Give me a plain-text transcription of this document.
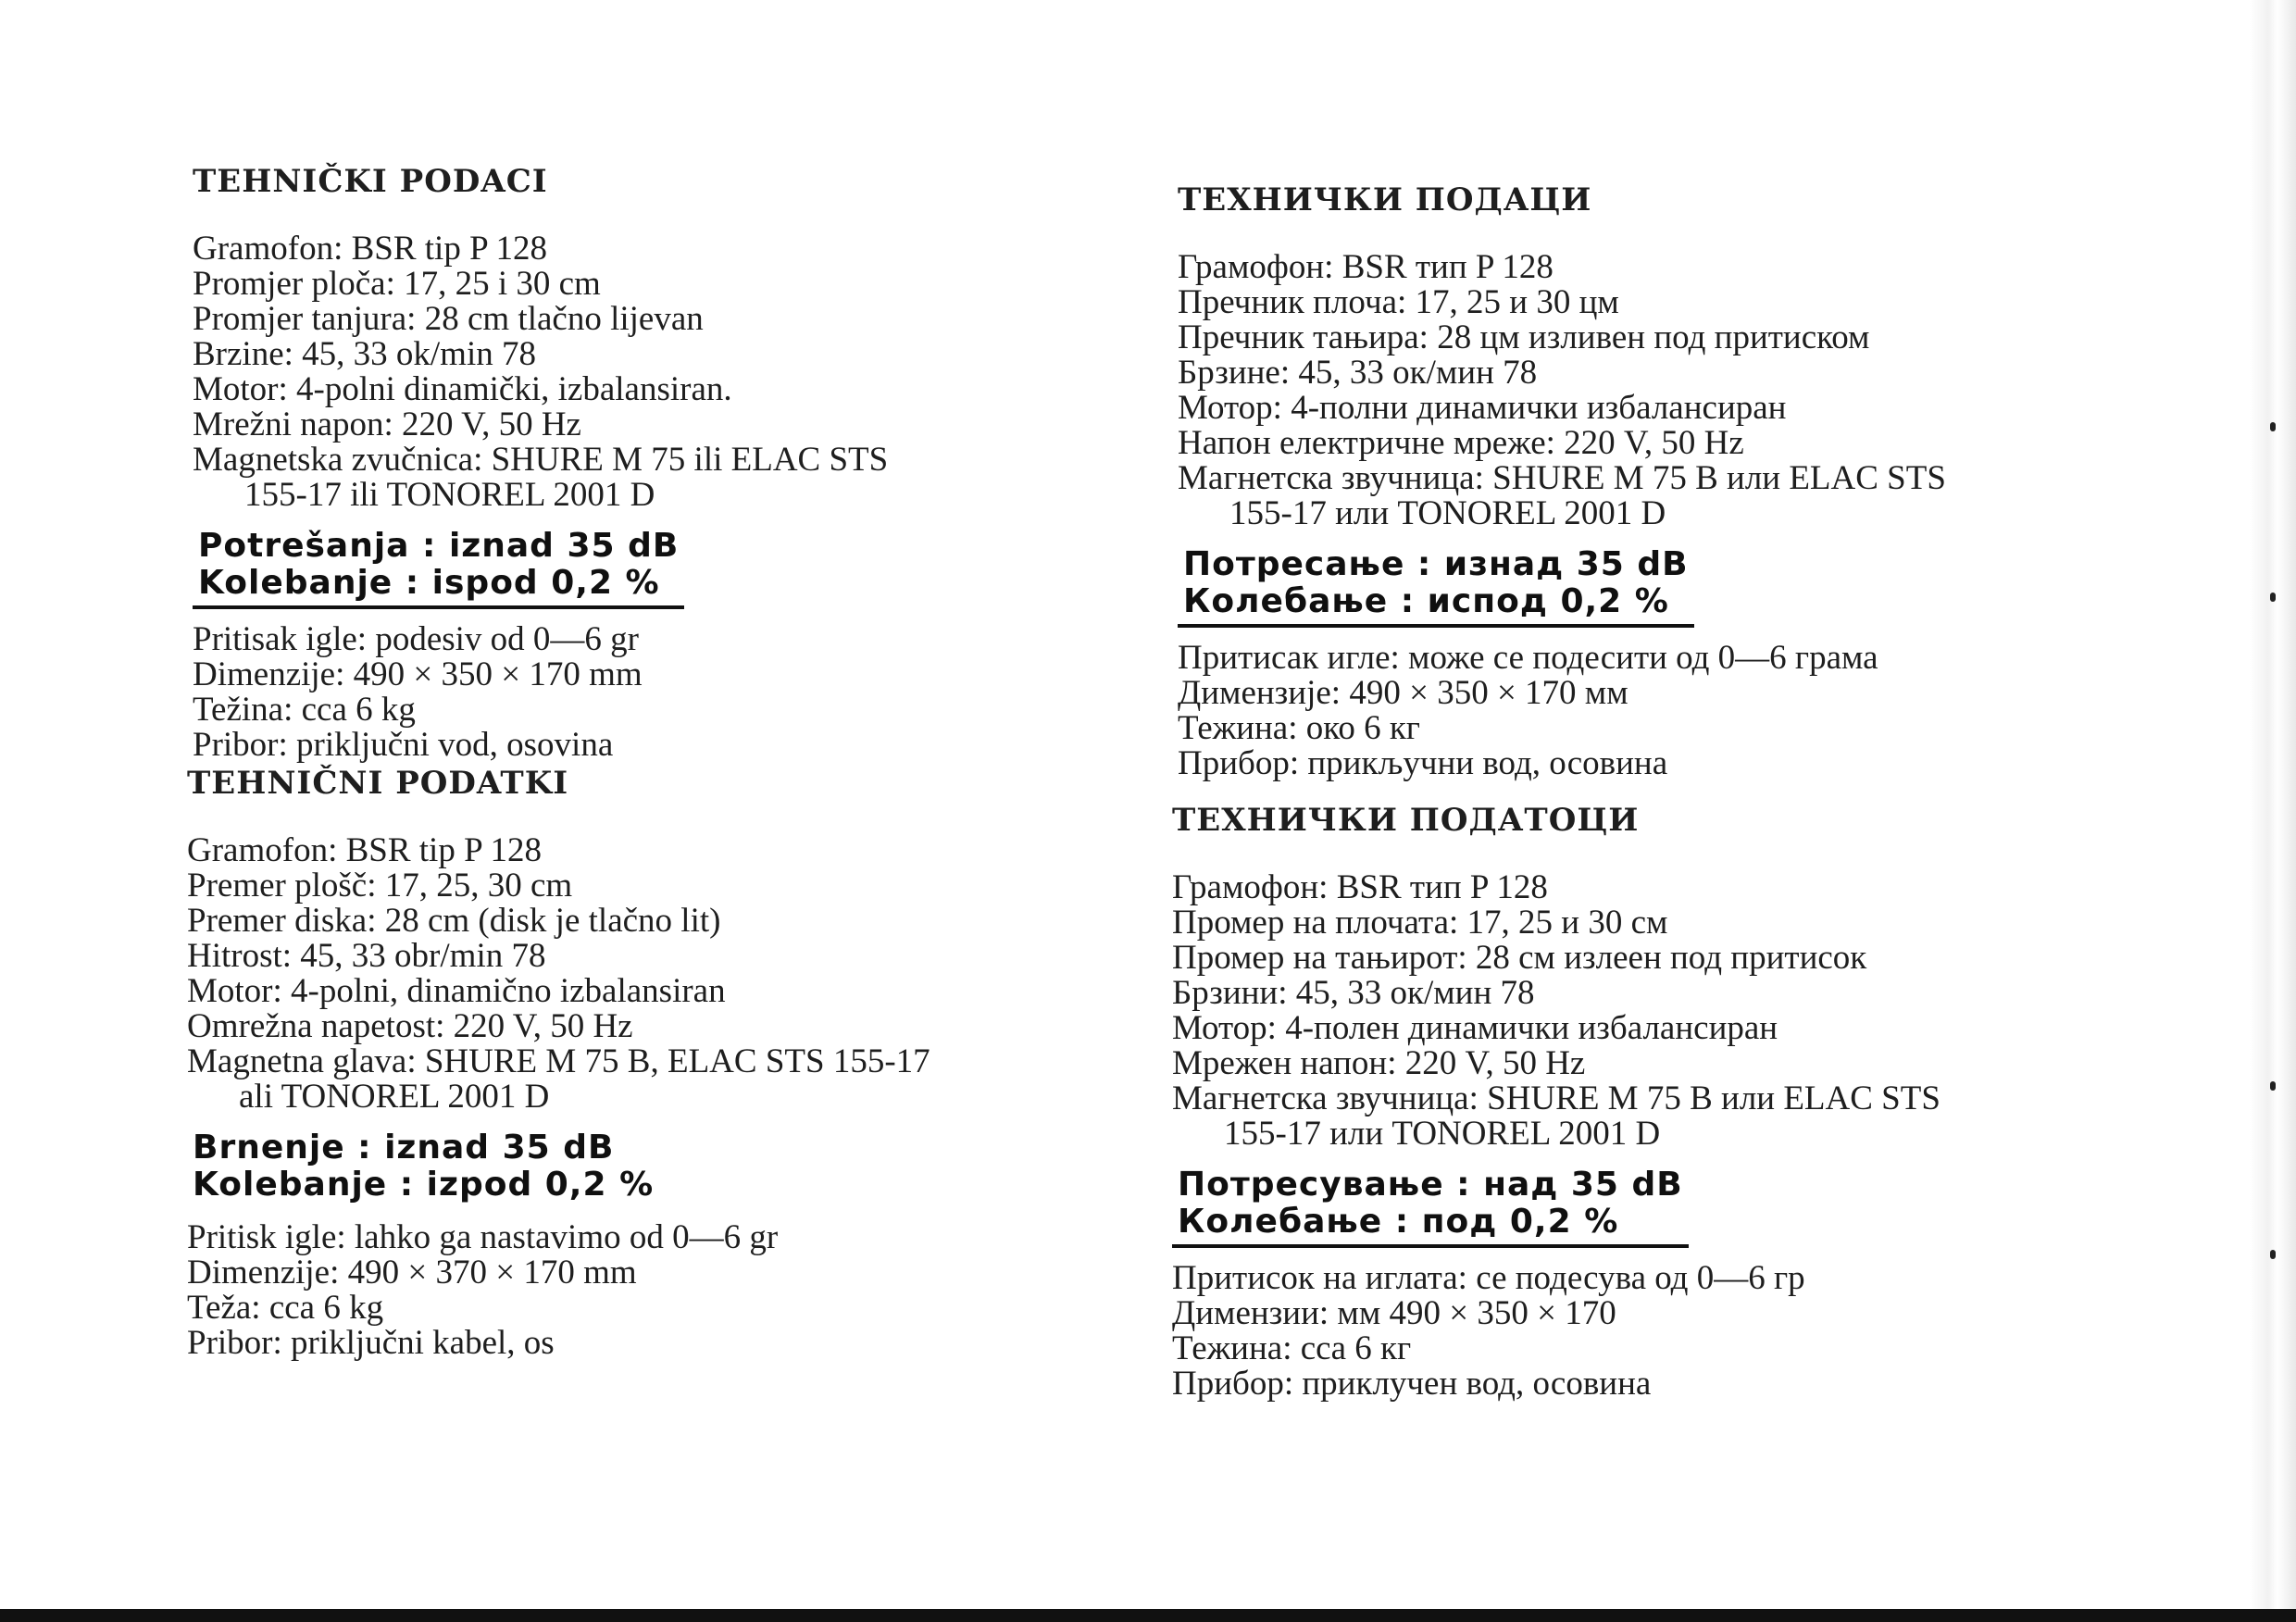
TEHNIČKI PODACI
Gramofon: BSR tip P 128
Promjer ploča: 17, 25 i 30 cm
Promjer tanjura: 28 cm tlačno lijevan
Brzine: 45, 33 ok/min 78
Motor: 4-polni dinamički, izbalansiran.
Mrežni napon: 220 V, 50 Hz
Magnetska zvučnica: SHURE M 75 ili ELAC STS
155-17 ili TONOREL 2001 D
Potrešanja : iznad 35 dB
Kolebanje : ispod 0,2 %
Pritisak igle: podesiv od 0—6 gr
Dimenzije: 490 × 350 × 170 mm
Težina: cca 6 kg
Pribor: priključni vod, osovina
ТЕХНИЧКИ ПОДАЦИ
Грамофон: BSR тип P 128
Пречник плоча: 17, 25 и 30 цм
Пречник тањира: 28 цм изливен под притиском
Брзине: 45, 33 ок/мин 78
Мотор: 4-полни динамички избалансиран
Напон електричне мреже: 220 V, 50 Hz
Магнетска звучница: SHURE M 75 B или ELAC STS
155-17 или TONOREL 2001 D
Потресање : изнад 35 dB
Колебање : испод 0,2 %
Притисак игле: може се подесити од 0—6 грама
Димензије: 490 × 350 × 170 мм
Тежина: око 6 кг
Прибор: прикључни вод, осовина
TEHNIČNI PODATKI
Gramofon: BSR tip P 128
Premer plošč: 17, 25, 30 cm
Premer diska: 28 cm (disk je tlačno lit)
Hitrost: 45, 33 obr/min 78
Motor: 4-polni, dinamično izbalansiran
Omrežna napetost: 220 V, 50 Hz
Magnetna glava: SHURE M 75 B, ELAC STS 155-17
ali TONOREL 2001 D
Brnenje : iznad 35 dB
Kolebanje : izpod 0,2 %
Pritisk igle: lahko ga nastavimo od 0—6 gr
Dimenzije: 490 × 370 × 170 mm
Teža: cca 6 kg
Pribor: priključni kabel, os
ТЕХНИЧКИ ПОДАТОЦИ
Грамофон: BSR тип P 128
Промер на плочата: 17, 25 и 30 см
Промер на тањирот: 28 см излеен под притисок
Брзини: 45, 33 ок/мин 78
Мотор: 4-полен динамички избалансиран
Мрежен напон: 220 V, 50 Hz
Магнетска звучница: SHURE M 75 B или ELAC STS
155-17 или TONOREL 2001 D
Потресување : над 35 dB
Колебање : под 0,2 %
Притисок на иглата: се подесува од 0—6 гр
Димензии: мм 490 × 350 × 170
Тежина: cca 6 кг
Прибор: приклучен вод, осовина
